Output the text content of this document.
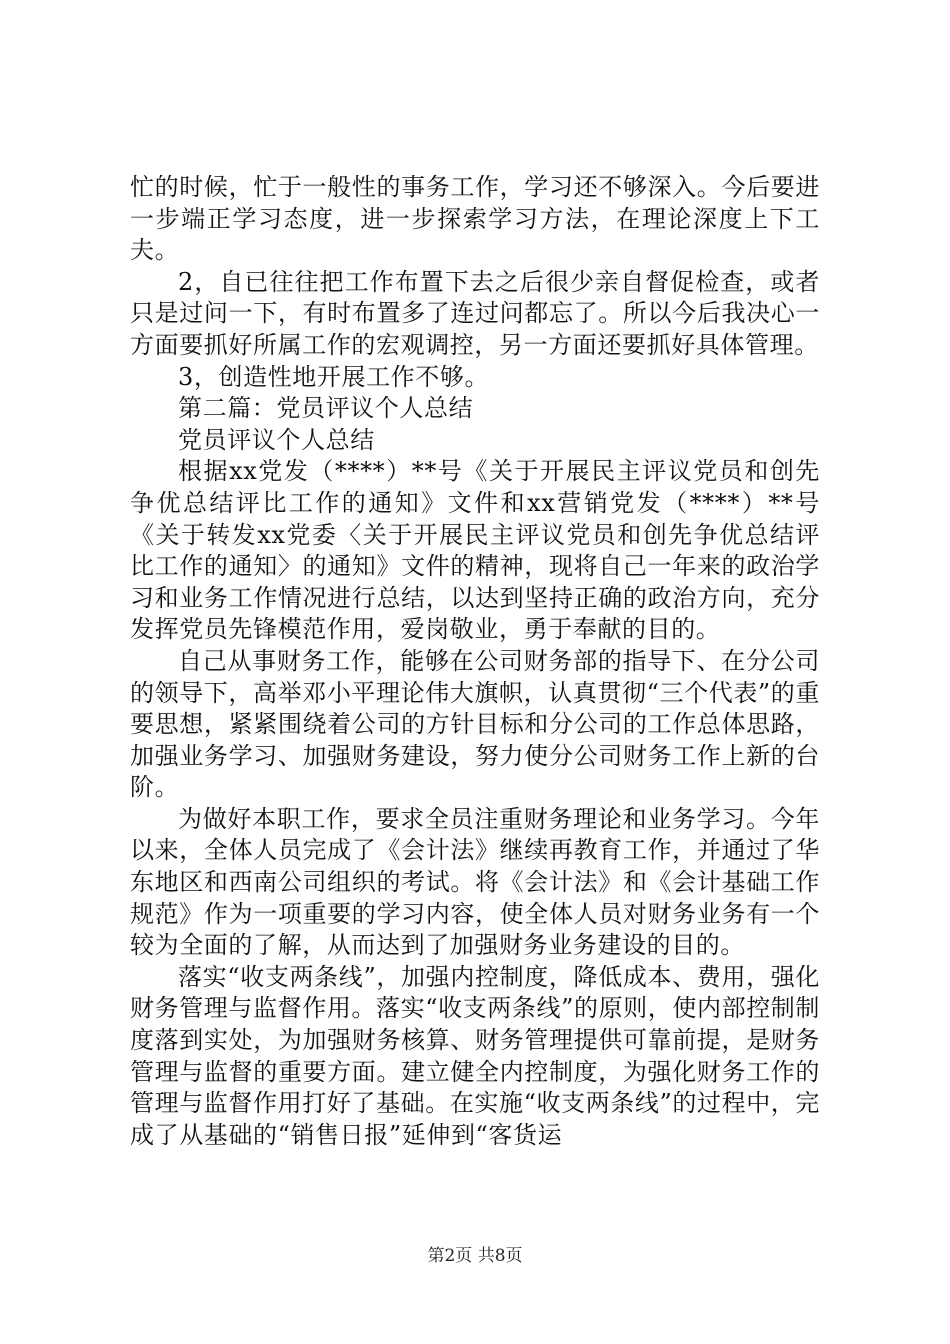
忙的时候，忙于一般性的事务工作，学习还不够深入。今后要进一步端正学习态度，进一步探索学习方法，在理论深度上下工夫。

2，自已往往把工作布置下去之后很少亲自督促检查，或者只是过问一下，有时布置多了连过问都忘了。所以今后我决心一方面要抓好所属工作的宏观调控，另一方面还要抓好具体管理。

3，创造性地开展工作不够。

第二篇：党员评议个人总结

党员评议个人总结

根据xx党发（****）**号《关于开展民主评议党员和创先争优总结评比工作的通知》文件和xx营销党发（****）**号《关于转发xx党委〈关于开展民主评议党员和创先争优总结评比工作的通知〉的通知》文件的精神，现将自己一年来的政治学习和业务工作情况进行总结，以达到坚持正确的政治方向，充分发挥党员先锋模范作用，爱岗敬业，勇于奉献的目的。

自己从事财务工作，能够在公司财务部的指导下、在分公司的领导下，高举邓小平理论伟大旗帜，认真贯彻“三个代表”的重要思想，紧紧围绕着公司的方针目标和分公司的工作总体思路，加强业务学习、加强财务建设，努力使分公司财务工作上新的台阶。

为做好本职工作，要求全员注重财务理论和业务学习。今年以来，全体人员完成了《会计法》继续再教育工作，并通过了华东地区和西南公司组织的考试。将《会计法》和《会计基础工作规范》作为一项重要的学习内容，使全体人员对财务业务有一个较为全面的了解，从而达到了加强财务业务建设的目的。

落实“收支两条线”，加强内控制度，降低成本、费用，强化财务管理与监督作用。落实“收支两条线”的原则，使内部控制制度落到实处，为加强财务核算、财务管理提供可靠前提，是财务管理与监督的重要方面。建立健全内控制度，为强化财务工作的管理与监督作用打好了基础。在实施“收支两条线”的过程中，完成了从基础的“销售日报”延伸到“客货运

第2页 共8页
